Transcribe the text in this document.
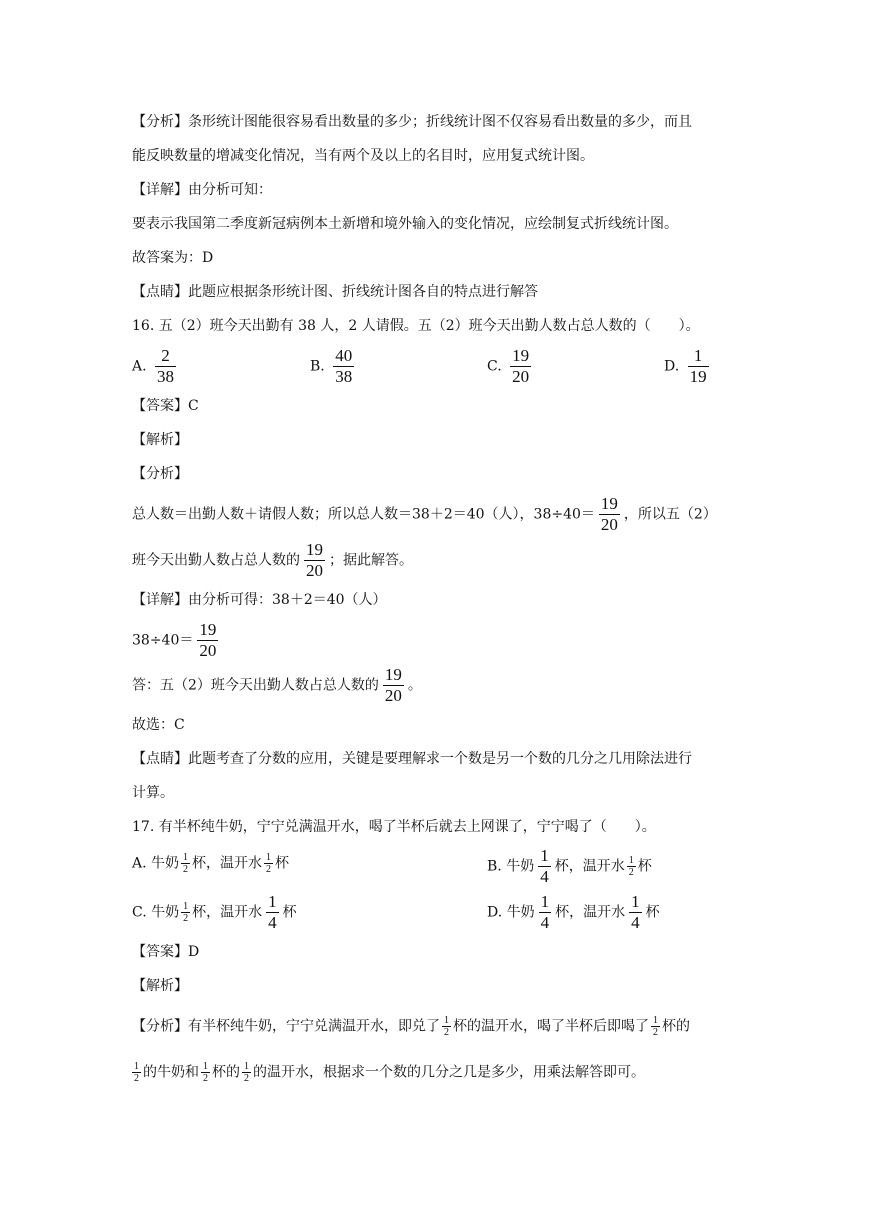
【分析】条形统计图能很容易看出数量的多少；折线统计图不仅容易看出数量的多少，而且
能反映数量的增减变化情况，当有两个及以上的名目时，应用复式统计图。
【详解】由分析可知：
要表示我国第二季度新冠病例本土新增和境外输入的变化情况，应绘制复式折线统计图。
故答案为：D
【点睛】此题应根据条形统计图、折线统计图各自的特点进行解答
16. 五（2）班今天出勤有 38 人，2 人请假。五（2）班今天出勤人数占总人数的（　　）。
A. $\frac{2}{38}$	B. $\frac{40}{38}$	C. $\frac{19}{20}$	D. $\frac{1}{19}$
【答案】C
【解析】
【分析】
总人数＝出勤人数＋请假人数；所以总人数＝38＋2＝40（人），$38\div 40= \frac{19}{20}$ ，所以五（2）
班今天出勤人数占总人数的 $\frac{19}{20}$ ；据此解答。
【详解】由分析可得：38＋2＝40（人）
$38\div 40= \frac{19}{20}$
答：五（2）班今天出勤人数占总人数的 $\frac{19}{20}$ 。
故选：C
【点睛】此题考查了分数的应用，关键是要理解求一个数是另一个数的几分之几用除法进行
计算。
17. 有半杯纯牛奶，宁宁兑满温开水，喝了半杯后就去上网课了，宁宁喝了（　　）。
A. 牛奶 $\frac{1}{2}$ 杯，温开水 $\frac{1}{2}$ 杯	B. 牛奶 $\frac{1}{4}$ 杯，温开水 $\frac{1}{2}$ 杯
C. 牛奶 $\frac{1}{2}$ 杯，温开水 $\frac{1}{4}$ 杯	D. 牛奶 $\frac{1}{4}$ 杯，温开水 $\frac{1}{4}$ 杯
【答案】D
【解析】
【分析】有半杯纯牛奶，宁宁兑满温开水，即兑了 $\frac{1}{2}$ 杯的温开水，喝了半杯后即喝了 $\frac{1}{2}$ 杯的
$\frac{1}{2}$ 的牛奶和 $\frac{1}{2}$ 杯的 $\frac{1}{2}$ 的温开水，根据求一个数的几分之几是多少，用乘法解答即可。
